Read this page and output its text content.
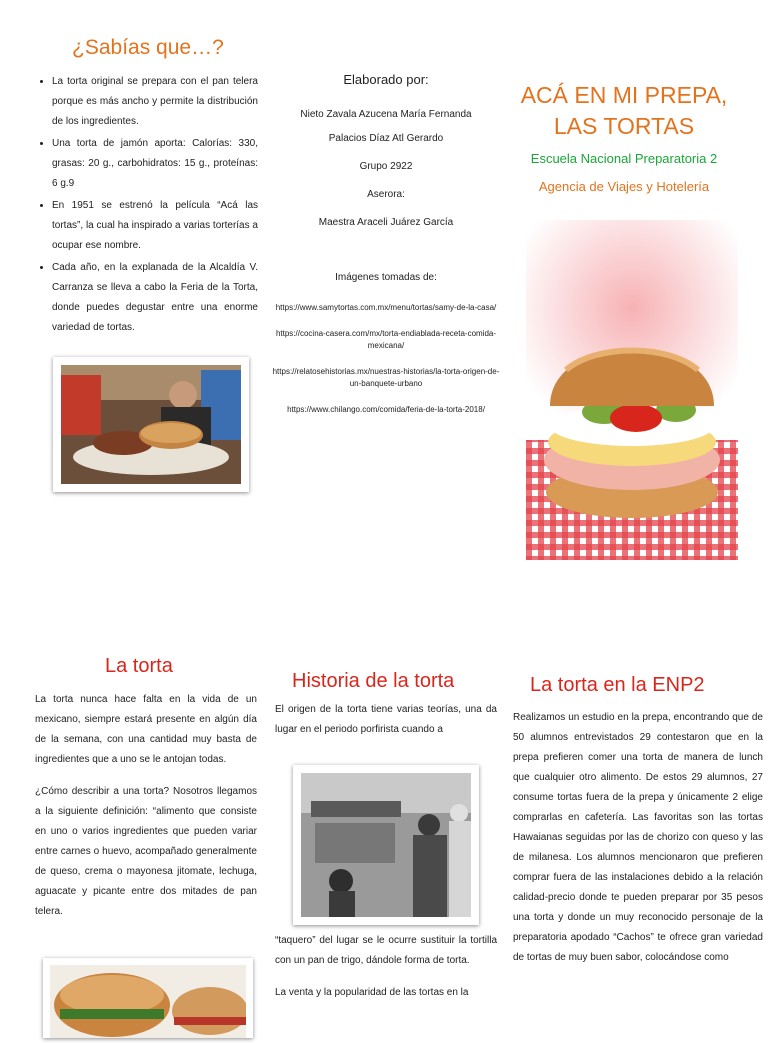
¿Sabías que…?
• La torta original se prepara con el pan telera porque es más ancho y permite la distribución de los ingredientes.
• Una torta de jamón aporta: Calorías: 330, grasas: 20 g., carbohidratos: 15 g., proteínas: 6 g.9
• En 1951 se estrenó la película “Acá las tortas”, la cual ha inspirado a varias torterías a ocupar ese nombre.
• Cada año, en la explanada de la Alcaldía V. Carranza se lleva a cabo la Feria de la Torta, donde puedes degustar entre una enorme variedad de tortas.

Elaborado por:

Nieto Zavala Azucena María Fernanda

Palacios Díaz Atl Gerardo

Grupo 2922

Aserora:

Maestra Araceli Juárez García

Imágenes tomadas de:

https://www.samytortas.com.mx/menu/tortas/samy-de-la-casa/

https://cocina-casera.com/mx/torta-endiablada-receta-comida-mexicana/

https://relatosehistorias.mx/nuestras-historias/la-torta-origen-de-un-banquete-urbano

https://www.chilango.com/comida/feria-de-la-torta-2018/

ACÁ EN MI PREPA,
LAS TORTAS
Escuela Nacional Preparatoria 2
Agencia de Viajes y Hotelería
La torta

La torta nunca hace falta en la vida de un mexicano, siempre estará presente en algún día de la semana, con una cantidad muy basta de ingredientes que a uno se le antojan todas.

¿Cómo describir a una torta? Nosotros llegamos a la siguiente definición: “alimento que consiste en uno o varios ingredientes que pueden variar entre carnes o huevo, acompañado generalmente de queso, crema o mayonesa jitomate, lechuga, aguacate y picante entre dos mitades de pan telera.

Historia de la torta

El origen de la torta tiene varias teorías, una da lugar en el periodo porfirista cuando a

“taquero” del lugar se le ocurre sustituir la tortilla con un pan de trigo, dándole forma de torta.

La venta y la popularidad de las tortas en la

La torta en la ENP2

Realizamos un estudio en la prepa, encontrando que de 50 alumnos entrevistados 29 contestaron que en la prepa prefieren comer una torta de manera de lunch que cualquier otro alimento. De estos 29 alumnos, 27 consume tortas fuera de la prepa y únicamente 2 elige comprarlas en cafetería. Las favoritas son las tortas Hawaianas seguidas por las de chorizo con queso y las de milanesa. Los alumnos mencionaron que prefieren comprar fuera de las instalaciones debido a la relación calidad-precio donde te pueden preparar por 35 pesos una torta y donde un muy reconocido personaje de la preparatoria apodado “Cachos” te ofrece gran variedad de tortas de muy buen sabor, colocándose como
